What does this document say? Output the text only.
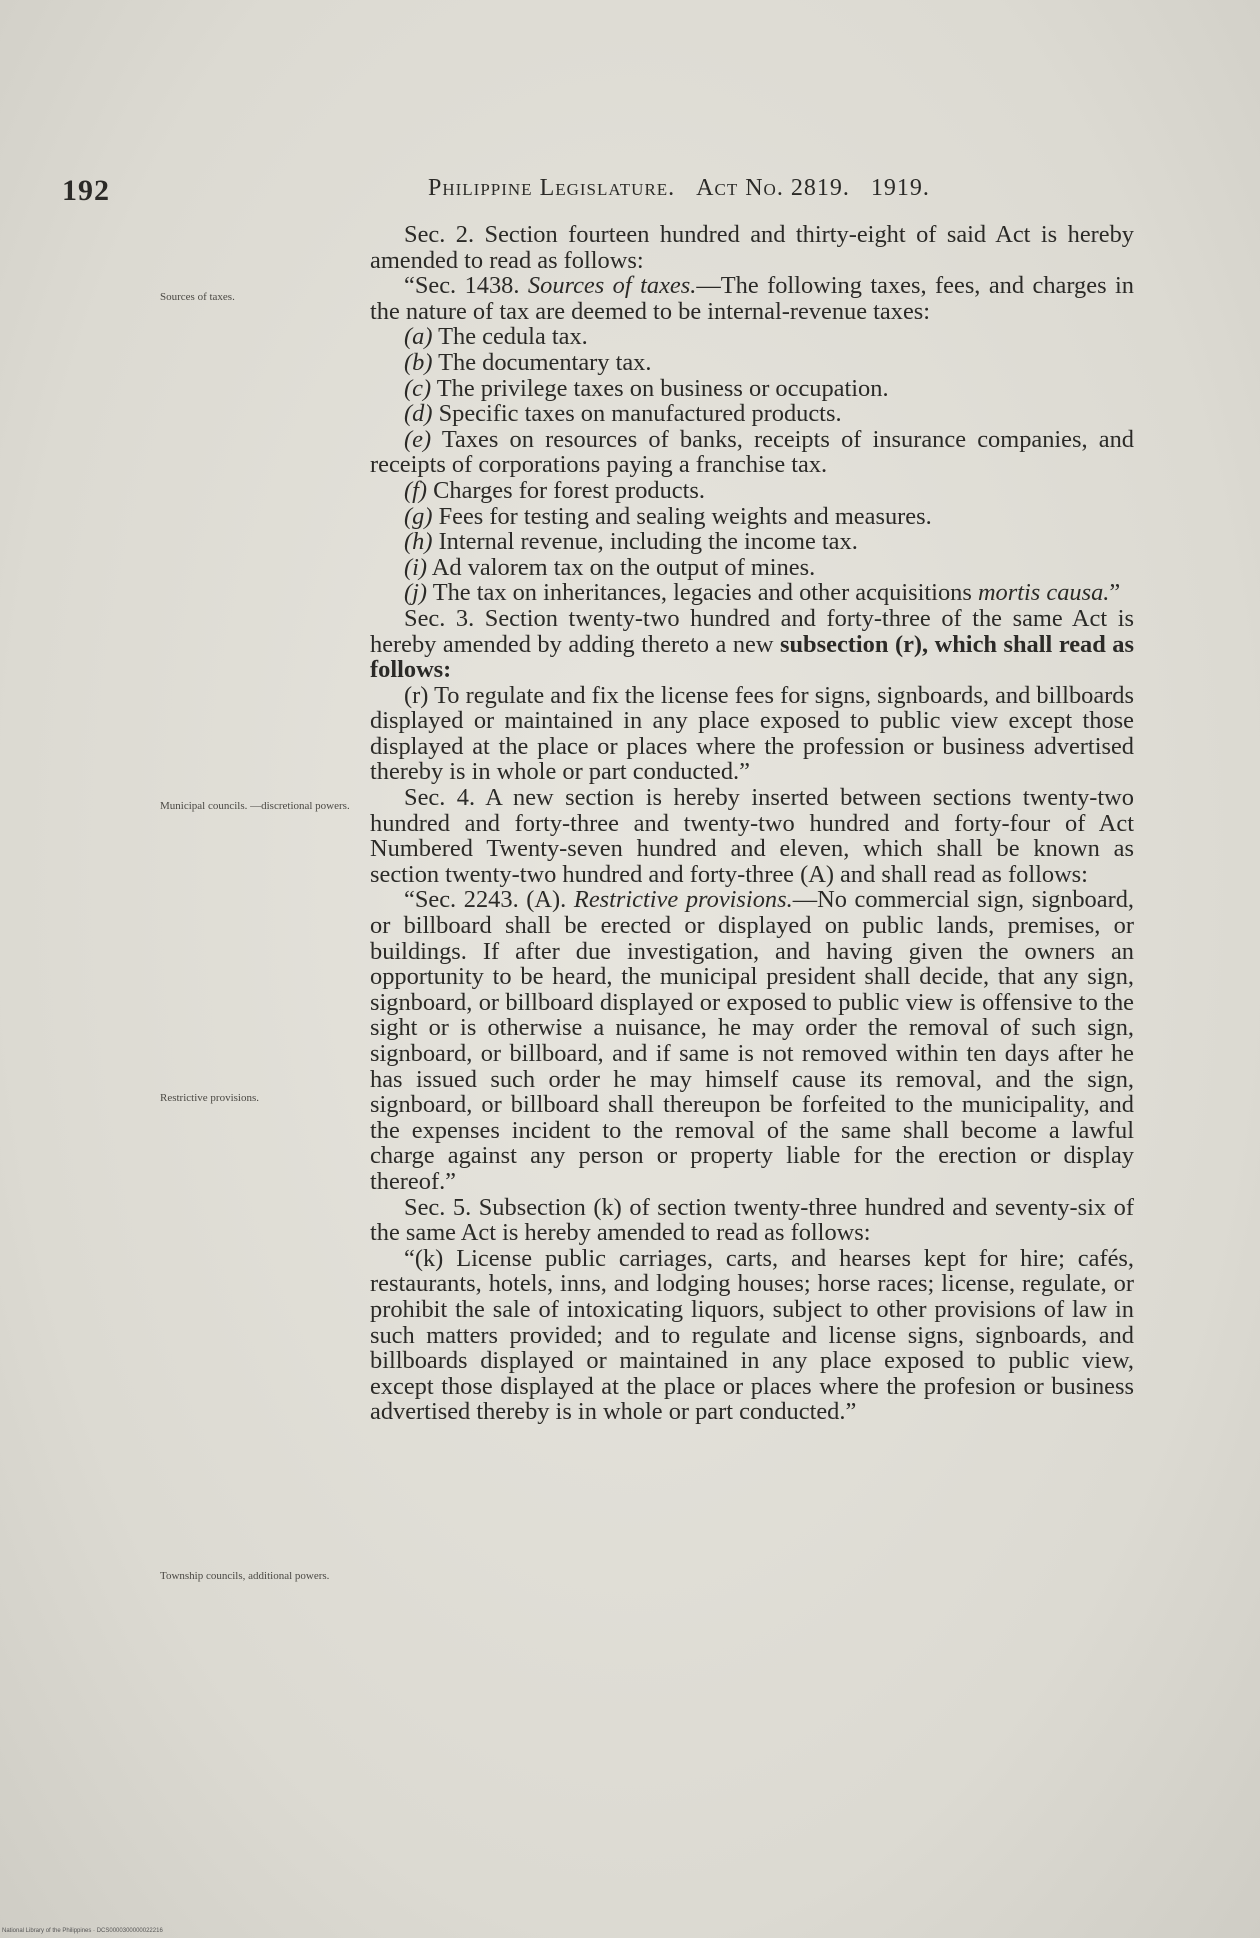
192	Philippine Legislature. Act No. 2819. 1919.
Sources of taxes.
Municipal councils. —discretional powers.
Restrictive provisions.
Township councils, additional powers.

Sec. 2. Section fourteen hundred and thirty-eight of said Act is hereby amended to read as follows:

“Sec. 1438. Sources of taxes.—The following taxes, fees, and charges in the nature of tax are deemed to be internal-revenue taxes:

(a) The cedula tax.

(b) The documentary tax.

(c) The privilege taxes on business or occupation.

(d) Specific taxes on manufactured products.

(e) Taxes on resources of banks, receipts of insurance companies, and receipts of corporations paying a franchise tax.

(f) Charges for forest products.

(g) Fees for testing and sealing weights and measures.

(h) Internal revenue, including the income tax.

(i) Ad valorem tax on the output of mines.

(j) The tax on inheritances, legacies and other acquisitions mortis causa.”

Sec. 3. Section twenty-two hundred and forty-three of the same Act is hereby amended by adding thereto a new subsection (r), which shall read as follows:

(r) To regulate and fix the license fees for signs, signboards, and billboards displayed or maintained in any place exposed to public view except those displayed at the place or places where the profession or business advertised thereby is in whole or part conducted.”

Sec. 4. A new section is hereby inserted between sections twenty-two hundred and forty-three and twenty-two hundred and forty-four of Act Numbered Twenty-seven hundred and eleven, which shall be known as section twenty-two hundred and forty-three (A) and shall read as follows:

“Sec. 2243. (A). Restrictive provisions.—No commercial sign, signboard, or billboard shall be erected or displayed on public lands, premises, or buildings. If after due investigation, and having given the owners an opportunity to be heard, the municipal president shall decide, that any sign, signboard, or billboard displayed or exposed to public view is offensive to the sight or is otherwise a nuisance, he may order the removal of such sign, signboard, or billboard, and if same is not removed within ten days after he has issued such order he may himself cause its removal, and the sign, signboard, or billboard shall thereupon be forfeited to the municipality, and the expenses incident to the removal of the same shall become a lawful charge against any person or property liable for the erection or display thereof.”

Sec. 5. Subsection (k) of section twenty-three hundred and seventy-six of the same Act is hereby amended to read as follows:

“(k) License public carriages, carts, and hearses kept for hire; cafés, restaurants, hotels, inns, and lodging houses; horse races; license, regulate, or prohibit the sale of intoxicating liquors, subject to other provisions of law in such matters provided; and to regulate and license signs, signboards, and billboards displayed or maintained in any place exposed to public view, except those displayed at the place or places where the profesion or business advertised thereby is in whole or part conducted.”

National Library of the Philippines · DCS0000300000022216
